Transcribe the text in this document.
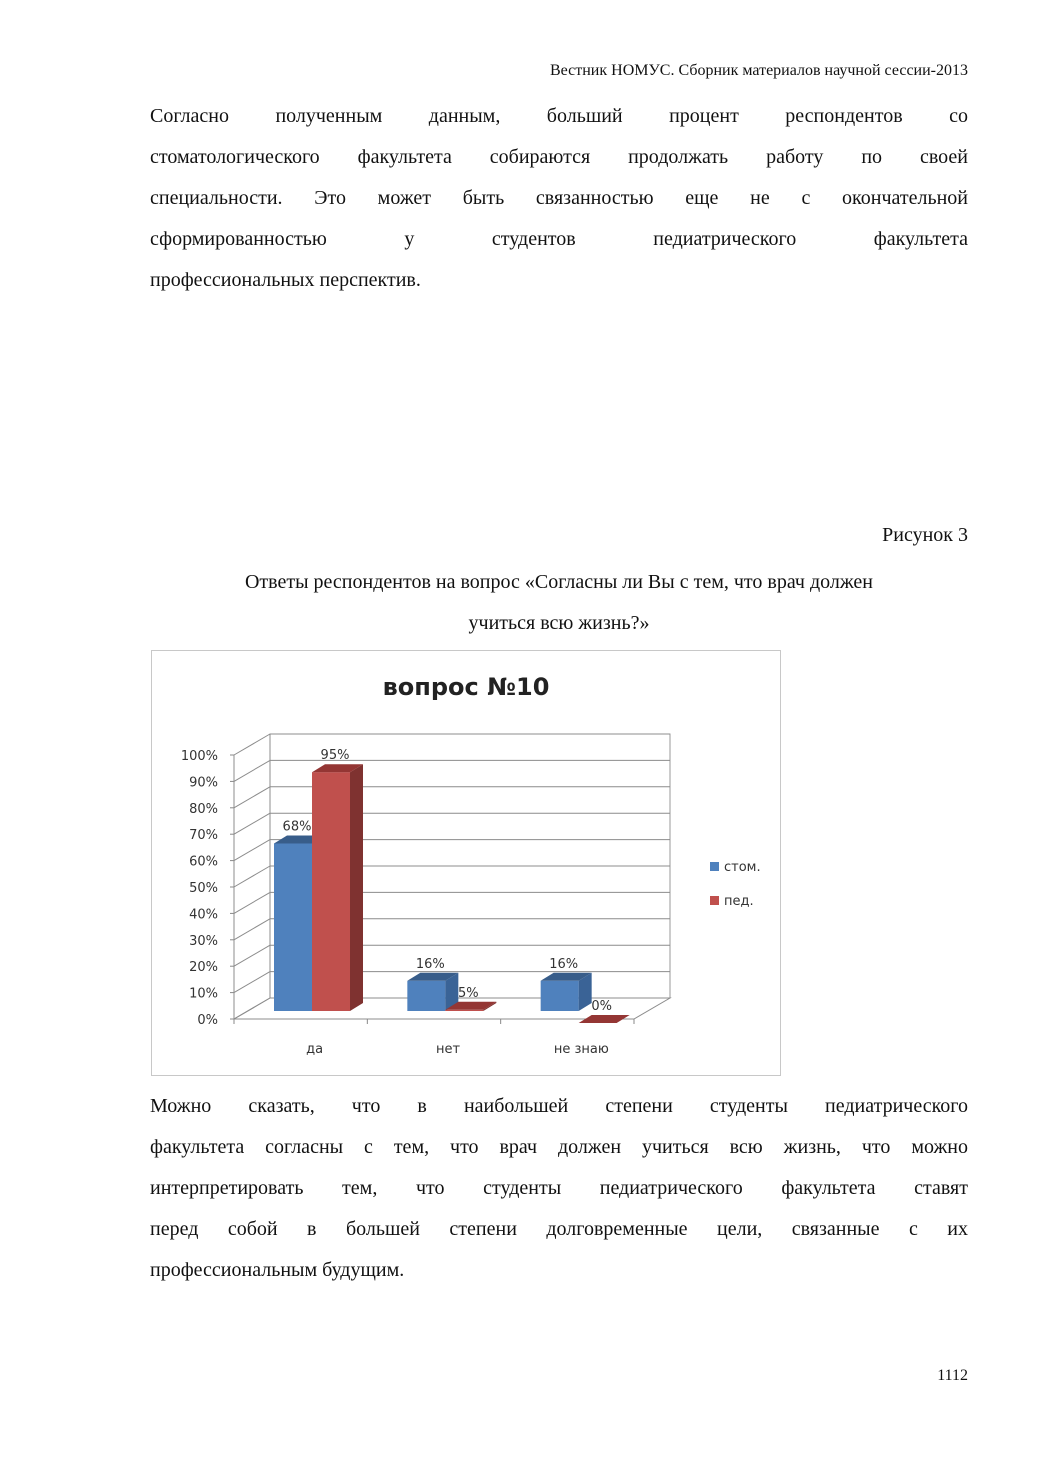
Вестник НОМУС. Сборник материалов научной сессии-2013

Согласно полученным данным, больший процент респондентов со
стоматологического факультета собираются продолжать работу по своей
специальности. Это может быть связанностью еще не с окончательной
сформированностью у студентов педиатрического факультета
профессиональных перспектив.

Рисунок 3
Ответы респондентов на вопрос «Согласны ли Вы с тем, что врач должен
учиться всю жизнь?»
вопрос №10
0%
10%
20%
30%
40%
50%
60%
70%
80%
90%
100%
да	нет	не знаю
68%
95%
16%
5%
16%
0%
стом.
пед.

Можно сказать, что в наибольшей степени студенты педиатрического
факультета согласны с тем, что врач должен учиться всю жизнь, что можно
интерпретировать тем, что студенты педиатрического факультета ставят
перед собой в большей степени долговременные цели, связанные с их
профессиональным будущим.

1112
